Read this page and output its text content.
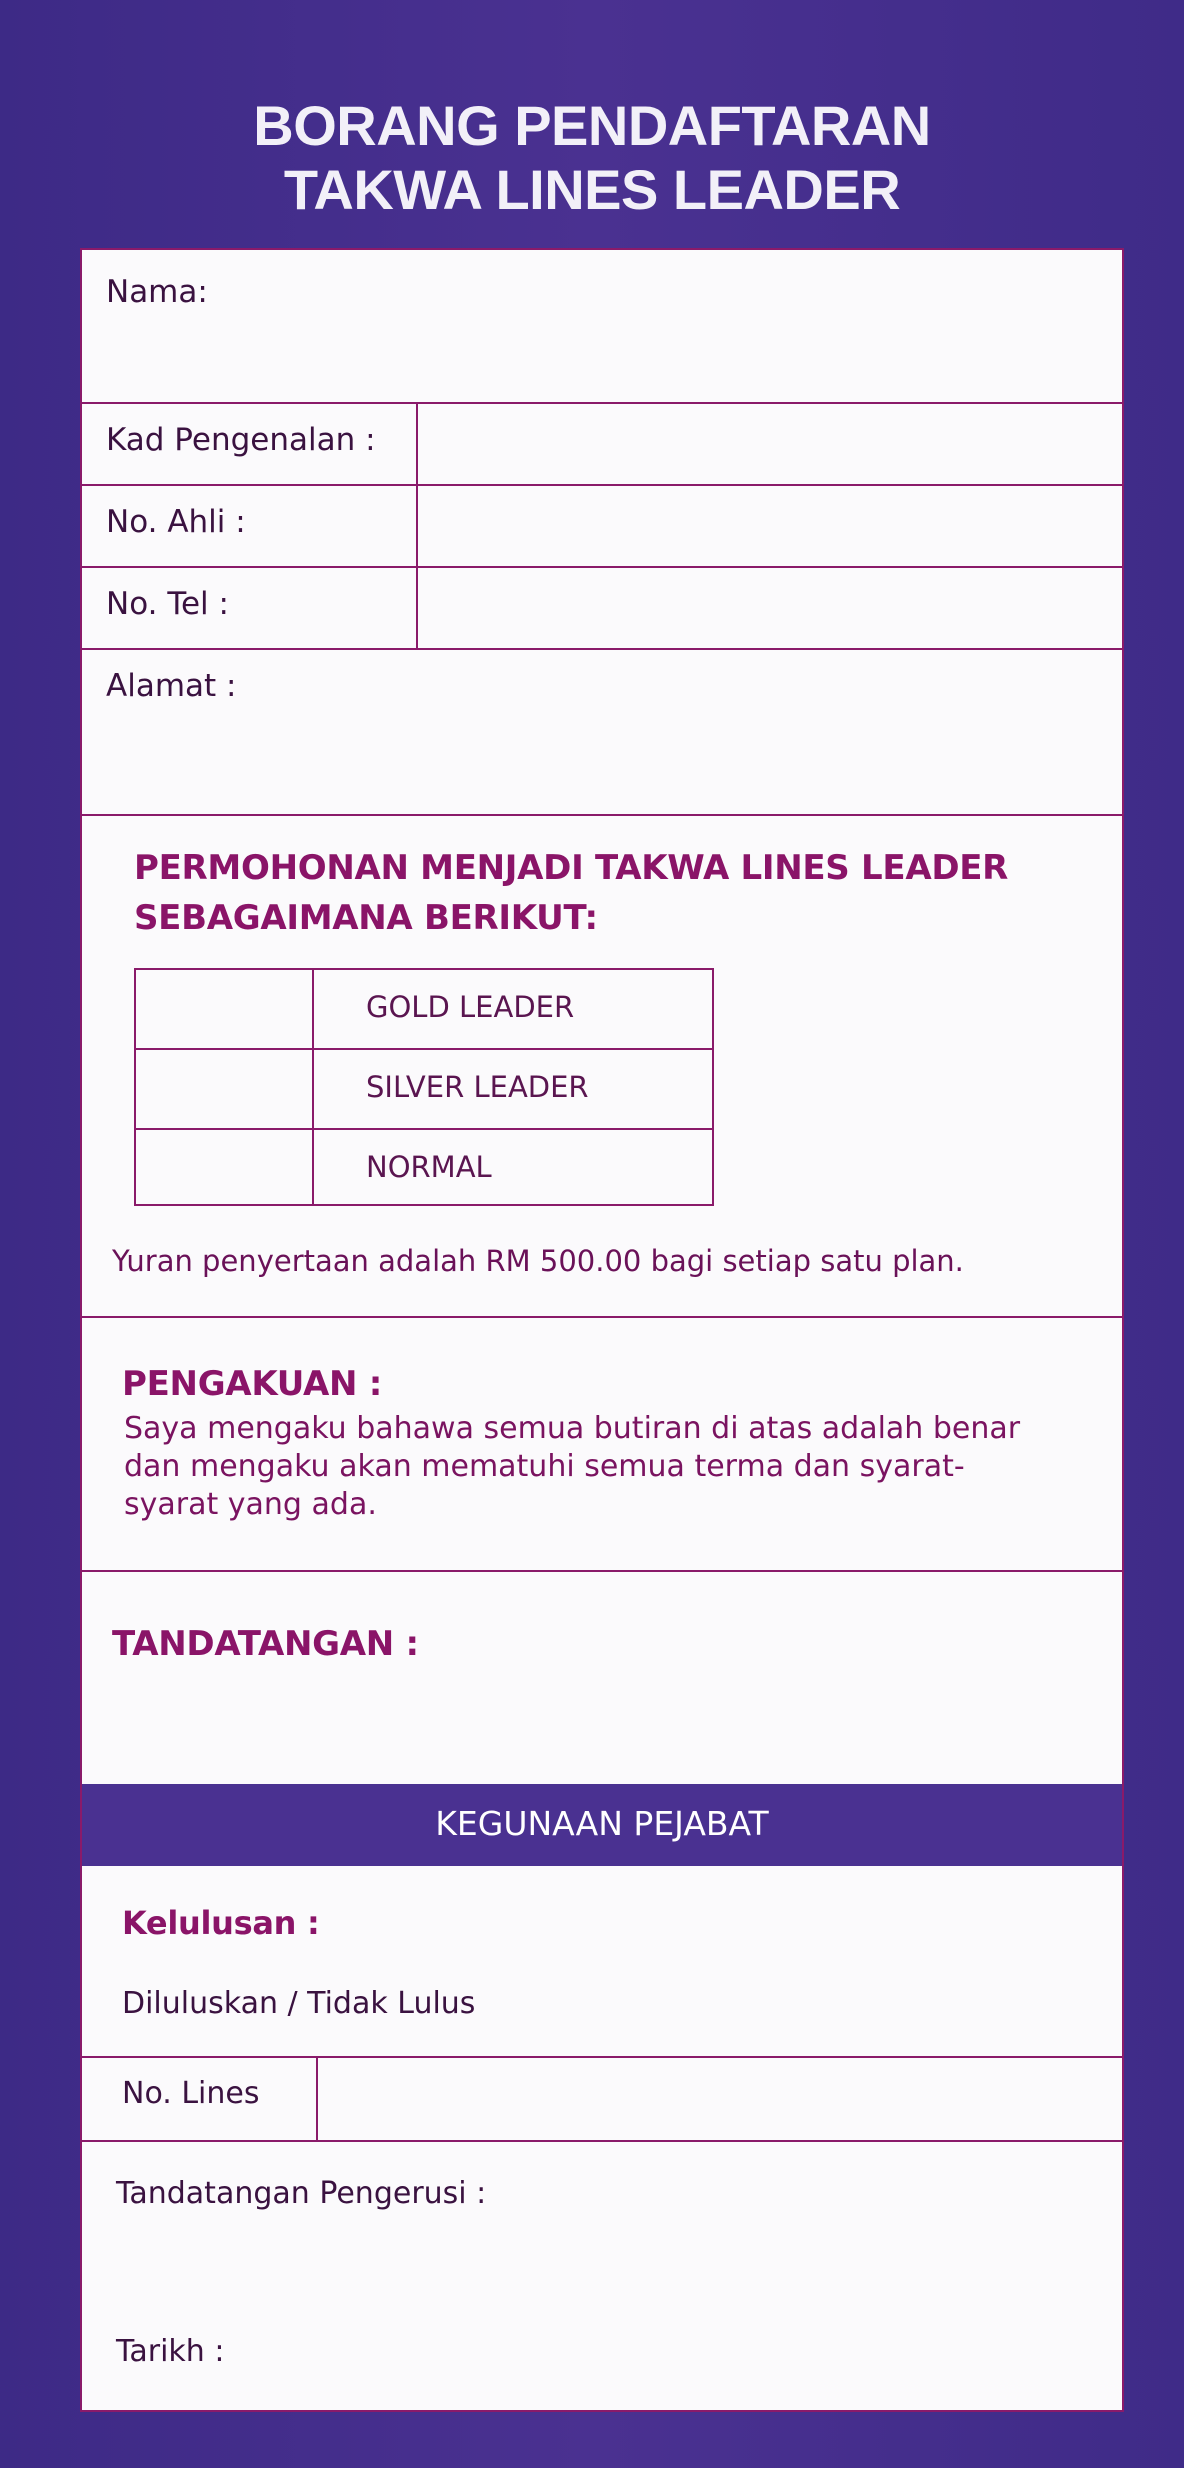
BORANG PENDAFTARAN
TAKWA LINES LEADER
Nama:
Kad Pengenalan :
No. Ahli :
No. Tel :
Alamat :
PERMOHONAN MENJADI TAKWA LINES LEADER
SEBAGAIMANA BERIKUT:
GOLD LEADER
SILVER LEADER
NORMAL
Yuran penyertaan adalah RM 500.00 bagi setiap satu plan.
PENGAKUAN :
Saya mengaku bahawa semua butiran di atas adalah benar
dan mengaku akan mematuhi semua terma dan syarat-
syarat yang ada.
TANDATANGAN :
KEGUNAAN PEJABAT
Kelulusan :
Diluluskan / Tidak Lulus
No. Lines
Tandatangan Pengerusi :
Tarikh :
